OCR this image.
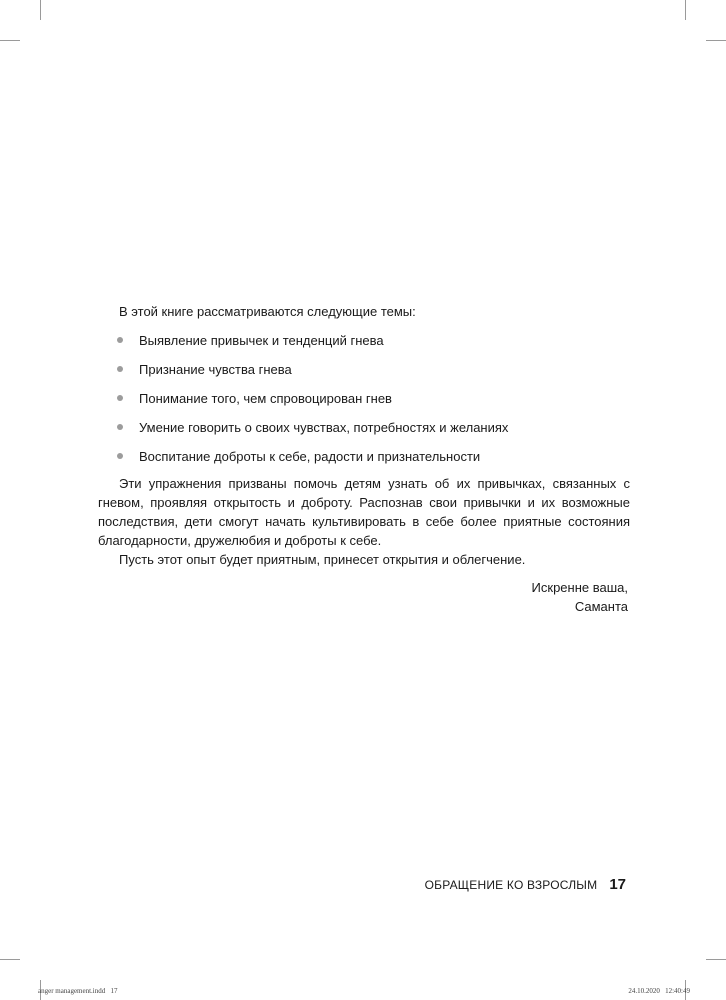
В этой книге рассматриваются следующие темы:

Выявление привычек и тенденций гнева
Признание чувства гнева
Понимание того, чем спровоцирован гнев
Умение говорить о своих чувствах, потребностях и желаниях
Воспитание доброты к себе, радости и признательности

Эти упражнения призваны помочь детям узнать об их привычках, связанных с гневом, проявляя открытость и доброту. Распознав свои привычки и их возможные последствия, дети смогут начать культивировать в себе более приятные состояния благодарности, дружелюбия и доброты к себе.

Пусть этот опыт будет приятным, принесет открытия и облегчение.

Искренне ваша,
Саманта
ОБРАЩЕНИЕ КО ВЗРОСЛЫМ 17
anger management.indd   17	24.10.2020   12:40:49
